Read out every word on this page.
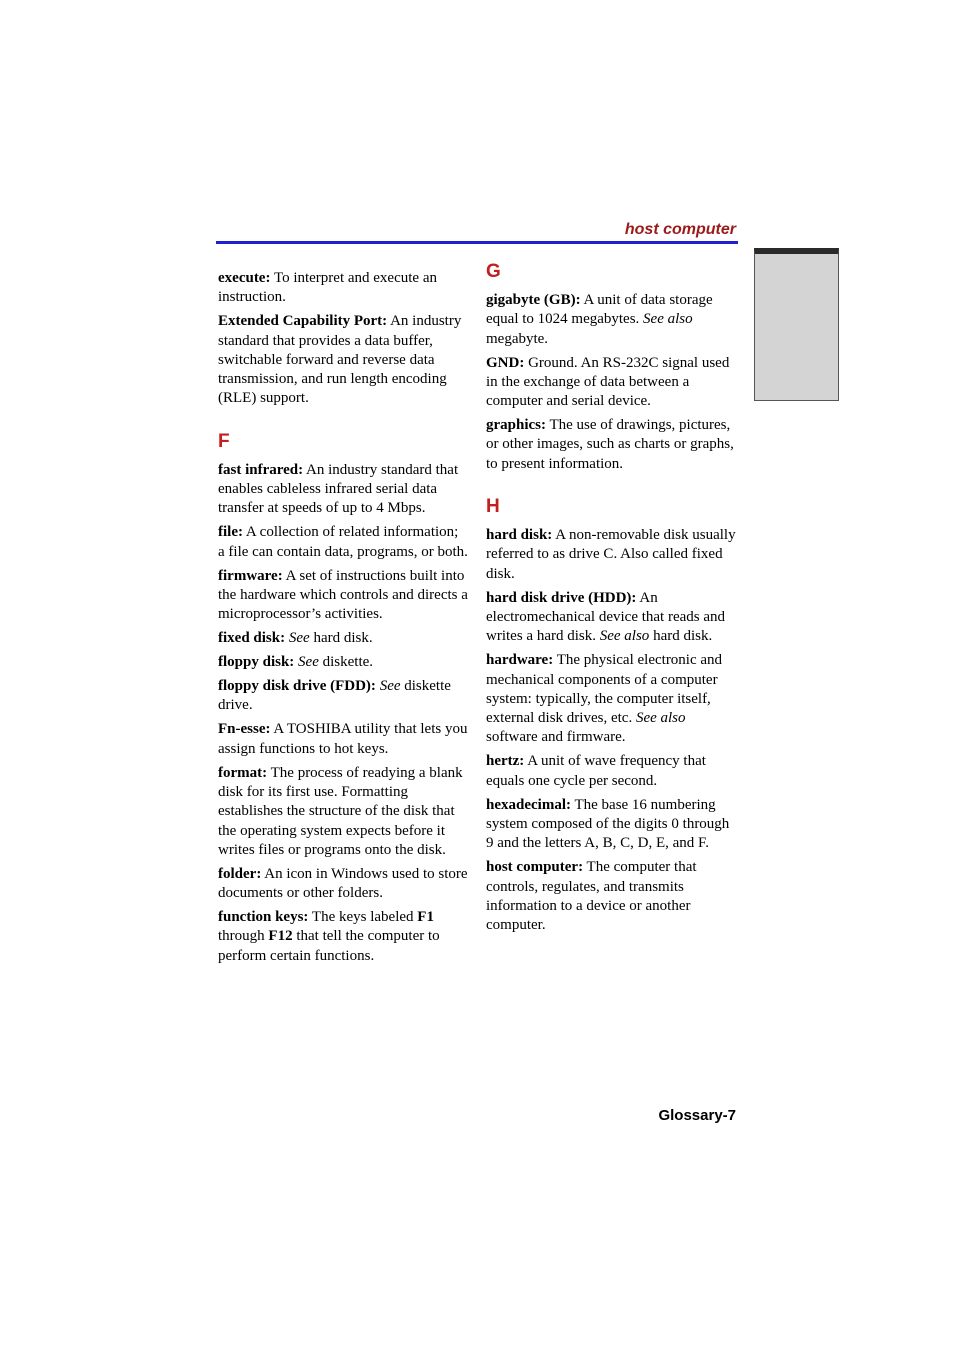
host computer

execute: To interpret and execute an instruction.

Extended Capability Port: An industry standard that provides a data buffer, switchable forward and reverse data transmission, and run length encoding (RLE) support.

F

fast infrared: An industry standard that enables cableless infrared serial data transfer at speeds of up to 4 Mbps.

file: A collection of related information; a file can contain data, programs, or both.

firmware: A set of instructions built into the hardware which controls and directs a microprocessor’s activities.

fixed disk: See hard disk.

floppy disk: See diskette.

floppy disk drive (FDD): See diskette drive.

Fn-esse: A TOSHIBA utility that lets you assign functions to hot keys.

format: The process of readying a blank disk for its first use. Formatting establishes the structure of the disk that the operating system expects before it writes files or programs onto the disk.

folder: An icon in Windows used to store documents or other folders.

function keys: The keys labeled F1 through F12 that tell the computer to perform certain functions.

G

gigabyte (GB): A unit of data storage equal to 1024 megabytes. See also megabyte.

GND: Ground. An RS-232C signal used in the exchange of data between a computer and serial device.

graphics: The use of drawings, pictures, or other images, such as charts or graphs, to present information.

H

hard disk: A non-removable disk usually referred to as drive C. Also called fixed disk.

hard disk drive (HDD): An electromechanical device that reads and writes a hard disk. See also hard disk.

hardware: The physical electronic and mechanical components of a computer system: typically, the computer itself, external disk drives, etc. See also software and firmware.

hertz: A unit of wave frequency that equals one cycle per second.

hexadecimal: The base 16 numbering system composed of the digits 0 through 9 and the letters A, B, C, D, E, and F.

host computer: The computer that controls, regulates, and transmits information to a device or another computer.

Glossary-7
